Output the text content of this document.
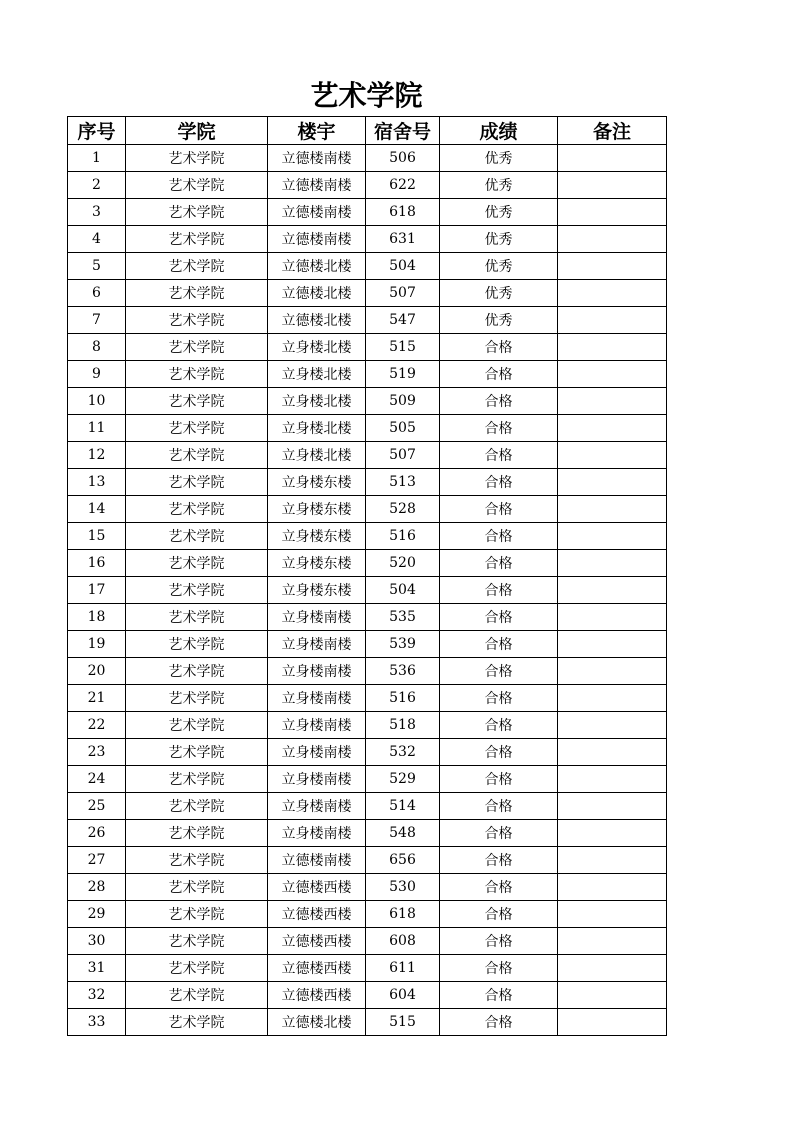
艺术学院
序号	学院	楼宇	宿舍号	成绩	备注
1	艺术学院	立德楼南楼	506	优秀	
2	艺术学院	立德楼南楼	622	优秀	
3	艺术学院	立德楼南楼	618	优秀	
4	艺术学院	立德楼南楼	631	优秀	
5	艺术学院	立德楼北楼	504	优秀	
6	艺术学院	立德楼北楼	507	优秀	
7	艺术学院	立德楼北楼	547	优秀	
8	艺术学院	立身楼北楼	515	合格	
9	艺术学院	立身楼北楼	519	合格	
10	艺术学院	立身楼北楼	509	合格	
11	艺术学院	立身楼北楼	505	合格	
12	艺术学院	立身楼北楼	507	合格	
13	艺术学院	立身楼东楼	513	合格	
14	艺术学院	立身楼东楼	528	合格	
15	艺术学院	立身楼东楼	516	合格	
16	艺术学院	立身楼东楼	520	合格	
17	艺术学院	立身楼东楼	504	合格	
18	艺术学院	立身楼南楼	535	合格	
19	艺术学院	立身楼南楼	539	合格	
20	艺术学院	立身楼南楼	536	合格	
21	艺术学院	立身楼南楼	516	合格	
22	艺术学院	立身楼南楼	518	合格	
23	艺术学院	立身楼南楼	532	合格	
24	艺术学院	立身楼南楼	529	合格	
25	艺术学院	立身楼南楼	514	合格	
26	艺术学院	立身楼南楼	548	合格	
27	艺术学院	立德楼南楼	656	合格	
28	艺术学院	立德楼西楼	530	合格	
29	艺术学院	立德楼西楼	618	合格	
30	艺术学院	立德楼西楼	608	合格	
31	艺术学院	立德楼西楼	611	合格	
32	艺术学院	立德楼西楼	604	合格	
33	艺术学院	立德楼北楼	515	合格	
